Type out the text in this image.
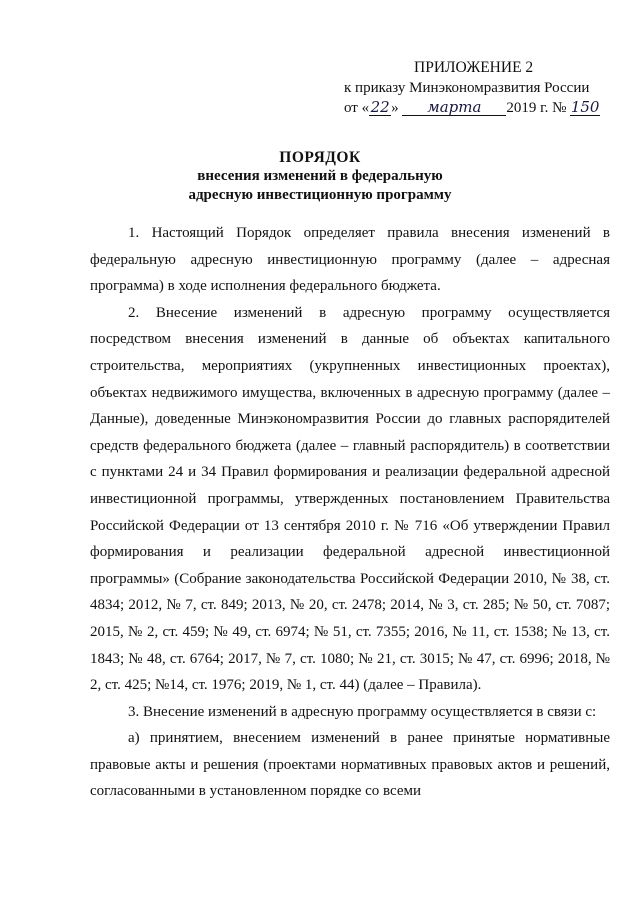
ПРИЛОЖЕНИЕ 2
к приказу Минэкономразвития России
от «22» марта 2019 г. № 150
ПОРЯДОК
внесения изменений в федеральную
адресную инвестиционную программу

1. Настоящий Порядок определяет правила внесения изменений в федеральную адресную инвестиционную программу (далее – адресная программа) в ходе исполнения федерального бюджета.

2. Внесение изменений в адресную программу осуществляется посредством внесения изменений в данные об объектах капитального строительства, мероприятиях (укрупненных инвестиционных проектах), объектах недвижимого имущества, включенных в адресную программу (далее – Данные), доведенные Минэкономразвития России до главных распорядителей средств федерального бюджета (далее – главный распорядитель) в соответствии с пунктами 24 и 34 Правил формирования и реализации федеральной адресной инвестиционной программы, утвержденных постановлением Правительства Российской Федерации от 13 сентября 2010 г. № 716 «Об утверждении Правил формирования и реализации федеральной адресной инвестиционной программы» (Собрание законодательства Российской Федерации 2010, № 38, ст. 4834; 2012, № 7, ст. 849; 2013, № 20, ст. 2478; 2014, № 3, ст. 285; № 50, ст. 7087; 2015, № 2, ст. 459; № 49, ст. 6974; № 51, ст. 7355; 2016, № 11, ст. 1538; № 13, ст. 1843; № 48, ст. 6764; 2017, № 7, ст. 1080; № 21, ст. 3015; № 47, ст. 6996; 2018, № 2, ст. 425; №14, ст. 1976; 2019, № 1, ст. 44) (далее – Правила).

3. Внесение изменений в адресную программу осуществляется в связи с:

а) принятием, внесением изменений в ранее принятые нормативные правовые акты и решения (проектами нормативных правовых актов и решений, согласованными в установленном порядке со всеми
